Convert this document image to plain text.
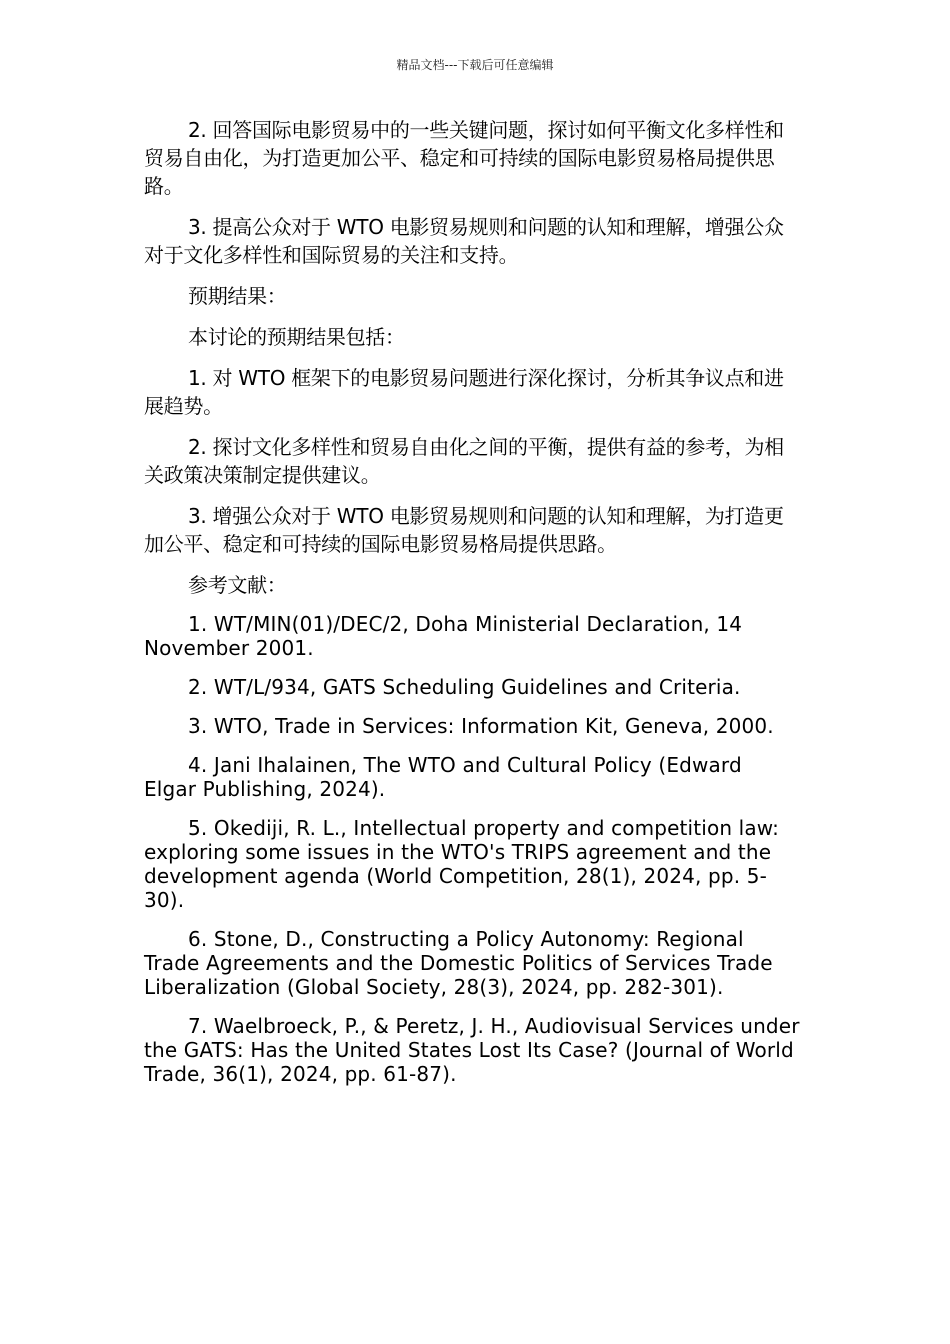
精品文档---下载后可任意编辑

2. 回答国际电影贸易中的一些关键问题，探讨如何平衡文化多样性和贸易自由化，为打造更加公平、稳定和可持续的国际电影贸易格局提供思路。

3. 提高公众对于 WTO 电影贸易规则和问题的认知和理解，增强公众对于文化多样性和国际贸易的关注和支持。

预期结果：

本讨论的预期结果包括：

1. 对 WTO 框架下的电影贸易问题进行深化探讨，分析其争议点和进展趋势。

2. 探讨文化多样性和贸易自由化之间的平衡，提供有益的参考，为相关政策决策制定提供建议。

3. 增强公众对于 WTO 电影贸易规则和问题的认知和理解，为打造更加公平、稳定和可持续的国际电影贸易格局提供思路。

参考文献：

1. WT/MIN(01)/DEC/2, Doha Ministerial Declaration, 14 November 2001.

2. WT/L/934, GATS Scheduling Guidelines and Criteria.

3. WTO, Trade in Services: Information Kit, Geneva, 2000.

4. Jani Ihalainen, The WTO and Cultural Policy (Edward Elgar Publishing, 2024).

5. Okediji, R. L., Intellectual property and competition law: exploring some issues in the WTO's TRIPS agreement and the development agenda (World Competition, 28(1), 2024, pp. 5-30).

6. Stone, D., Constructing a Policy Autonomy: Regional Trade Agreements and the Domestic Politics of Services Trade Liberalization (Global Society, 28(3), 2024, pp. 282-301).

7. Waelbroeck, P., & Peretz, J. H., Audiovisual Services under the GATS: Has the United States Lost Its Case? (Journal of World Trade, 36(1), 2024, pp. 61-87).
